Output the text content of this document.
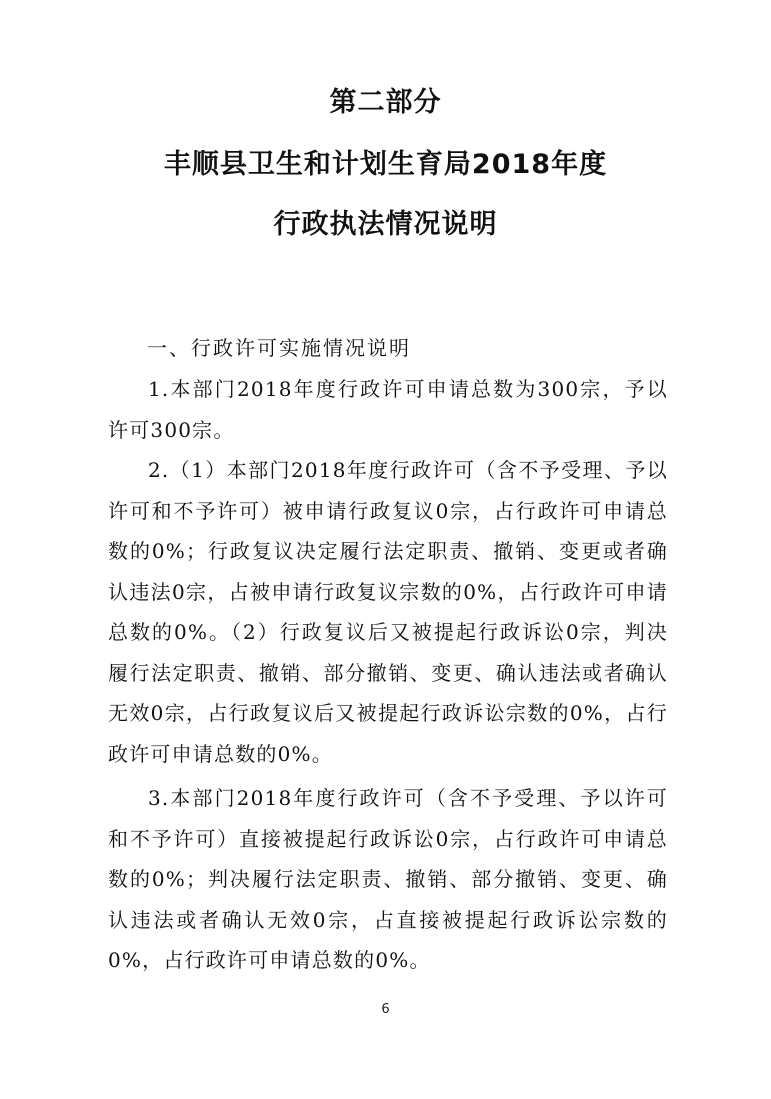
第二部分
丰顺县卫生和计划生育局2018年度
行政执法情况说明
一、行政许可实施情况说明

1.本部门2018年度行政许可申请总数为300宗，予以许可300宗。

2.（1）本部门2018年度行政许可（含不予受理、予以许可和不予许可）被申请行政复议0宗，占行政许可申请总数的0%；行政复议决定履行法定职责、撤销、变更或者确认违法0宗，占被申请行政复议宗数的0%，占行政许可申请总数的0%。（2）行政复议后又被提起行政诉讼0宗，判决履行法定职责、撤销、部分撤销、变更、确认违法或者确认无效0宗，占行政复议后又被提起行政诉讼宗数的0%，占行政许可申请总数的0%。

3.本部门2018年度行政许可（含不予受理、予以许可和不予许可）直接被提起行政诉讼0宗，占行政许可申请总数的0%；判决履行法定职责、撤销、部分撤销、变更、确认违法或者确认无效0宗，占直接被提起行政诉讼宗数的0%，占行政许可申请总数的0%。

6
